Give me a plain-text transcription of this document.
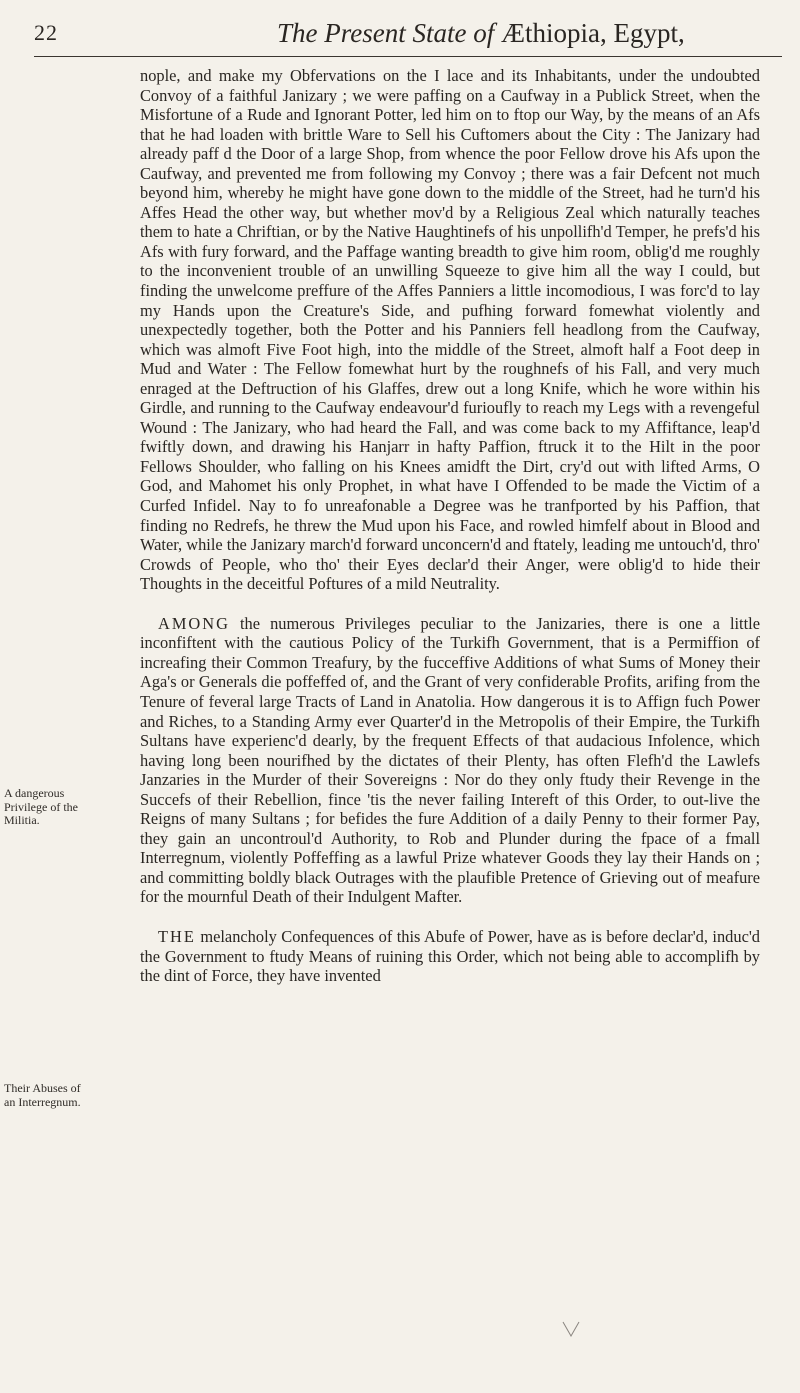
22	The Present State of Æthiopia, Egypt,
A dangerous Privilege of the Militia.
Their Abuses of an Interregnum.

nople, and make my Obfervations on the I lace and its Inhabitants, under the undoubted Convoy of a faithful Janizary ; we were paffing on a Caufway in a Publick Street, when the Misfortune of a Rude and Ignorant Potter, led him on to ftop our Way, by the means of an Afs that he had loaden with brittle Ware to Sell his Cuftomers about the City : The Janizary had already paff d the Door of a large Shop, from whence the poor Fellow drove his Afs upon the Caufway, and prevented me from following my Convoy ; there was a fair Defcent not much beyond him, whereby he might have gone down to the middle of the Street, had he turn'd his Affes Head the other way, but whether mov'd by a Religious Zeal which naturally teaches them to hate a Chriftian, or by the Native Haughtinefs of his unpollifh'd Temper, he prefs'd his Afs with fury forward, and the Paffage wanting breadth to give him room, oblig'd me roughly to the inconvenient trouble of an unwilling Squeeze to give him all the way I could, but finding the unwelcome preffure of the Affes Panniers a little incomodious, I was forc'd to lay my Hands upon the Creature's Side, and pufhing forward fomewhat violently and unexpectedly together, both the Potter and his Panniers fell headlong from the Caufway, which was almoft Five Foot high, into the middle of the Street, almoft half a Foot deep in Mud and Water : The Fellow fomewhat hurt by the roughnefs of his Fall, and very much enraged at the Deftruction of his Glaffes, drew out a long Knife, which he wore within his Girdle, and running to the Caufway endeavour'd furioufly to reach my Legs with a revengeful Wound : The Janizary, who had heard the Fall, and was come back to my Affiftance, leap'd fwiftly down, and drawing his Hanjarr in hafty Paffion, ftruck it to the Hilt in the poor Fellows Shoulder, who falling on his Knees amidft the Dirt, cry'd out with lifted Arms, O God, and Mahomet his only Prophet, in what have I Offended to be made the Victim of a Curfed Infidel. Nay to fo unreafonable a Degree was he tranfported by his Paffion, that finding no Redrefs, he threw the Mud upon his Face, and rowled himfelf about in Blood and Water, while the Janizary march'd forward unconcern'd and ftately, leading me untouch'd, thro' Crowds of People, who tho' their Eyes declar'd their Anger, were oblig'd to hide their Thoughts in the deceitful Poftures of a mild Neutrality.

AMONG the numerous Privileges peculiar to the Janizaries, there is one a little inconfiftent with the cautious Policy of the Turkifh Government, that is a Permiffion of increafing their Common Treafury, by the fucceffive Additions of what Sums of Money their Aga's or Generals die poffeffed of, and the Grant of very confiderable Profits, arifing from the Tenure of feveral large Tracts of Land in Anatolia. How dangerous it is to Affign fuch Power and Riches, to a Standing Army ever Quarter'd in the Metropolis of their Empire, the Turkifh Sultans have experienc'd dearly, by the frequent Effects of that audacious Infolence, which having long been nourifhed by the dictates of their Plenty, has often Flefh'd the Lawlefs Janzaries in the Murder of their Sovereigns : Nor do they only ftudy their Revenge in the Succefs of their Rebellion, fince 'tis the never failing Intereft of this Order, to out-live the Reigns of many Sultans ; for befides the fure Addition of a daily Penny to their former Pay, they gain an uncontroul'd Authority, to Rob and Plunder during the fpace of a fmall Interregnum, violently Poffeffing as a lawful Prize whatever Goods they lay their Hands on ; and committing boldly black Outrages with the plaufible Pretence of Grieving out of meafure for the mournful Death of their Indulgent Mafter.

THE melancholy Confequences of this Abufe of Power, have as is before declar'd, induc'd the Government to ftudy Means of ruining this Order, which not being able to accomplifh by the dint of Force, they have invented
